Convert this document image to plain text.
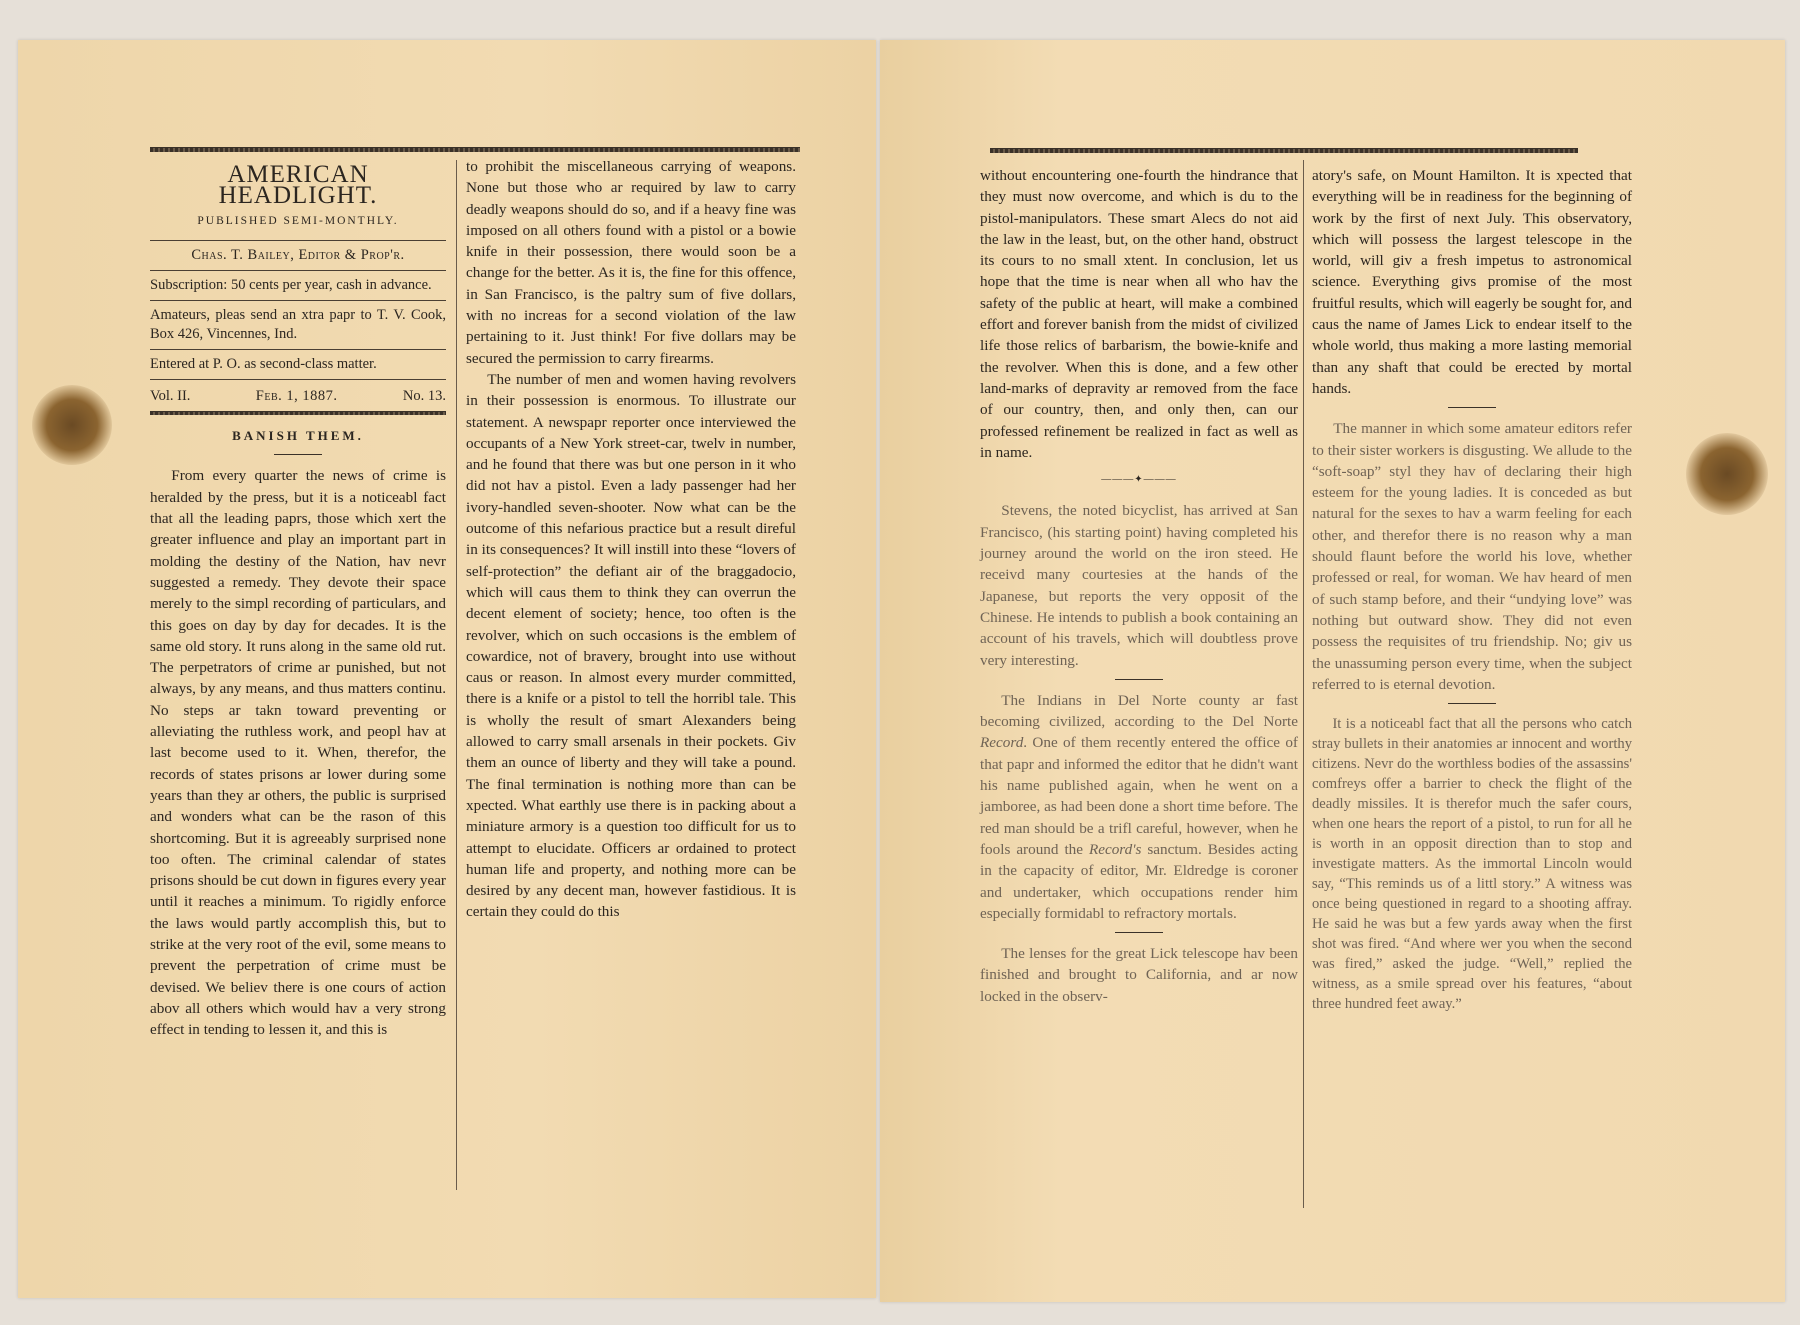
AMERICAN HEADLIGHT.
PUBLISHED SEMI-MONTHLY.
Chas. T. Bailey, Editor & Prop'r.
Subscription: 50 cents per year, cash in advance.
Amateurs, pleas send an xtra papr to T. V. Cook, Box 426, Vincennes, Ind.
Entered at P. O. as second-class matter.
Vol. II.	Feb. 1, 1887.	No. 13.
BANISH THEM.

From every quarter the news of crime is heralded by the press, but it is a noticeabl fact that all the leading paprs, those which xert the greater influence and play an important part in molding the destiny of the Nation, hav nevr suggested a remedy. They devote their space merely to the simpl recording of particulars, and this goes on day by day for decades. It is the same old story. It runs along in the same old rut. The perpetrators of crime ar punished, but not always, by any means, and thus matters continu. No steps ar takn toward preventing or alleviating the ruthless work, and peopl hav at last become used to it. When, therefor, the records of states prisons ar lower during some years than they ar others, the public is surprised and wonders what can be the rason of this shortcoming. But it is agreeably surprised none too often. The criminal calendar of states prisons should be cut down in figures every year until it reaches a minimum. To rigidly enforce the laws would partly accomplish this, but to strike at the very root of the evil, some means to prevent the perpetration of crime must be devised. We believ there is one cours of action abov all others which would hav a very strong effect in tending to lessen it, and this is

to prohibit the miscellaneous carrying of weapons. None but those who ar required by law to carry deadly weapons should do so, and if a heavy fine was imposed on all others found with a pistol or a bowie knife in their possession, there would soon be a change for the better. As it is, the fine for this offence, in San Francisco, is the paltry sum of five dollars, with no increas for a second violation of the law pertaining to it. Just think! For five dollars may be secured the permission to carry firearms.

The number of men and women having revolvers in their possession is enormous. To illustrate our statement. A newspapr reporter once interviewed the occupants of a New York street-car, twelv in number, and he found that there was but one person in it who did not hav a pistol. Even a lady passenger had her ivory-handled seven-shooter. Now what can be the outcome of this nefarious practice but a result direful in its consequences? It will instill into these “lovers of self-protection” the defiant air of the braggadocio, which will caus them to think they can overrun the decent element of society; hence, too often is the revolver, which on such occasions is the emblem of cowardice, not of bravery, brought into use without caus or reason. In almost every murder committed, there is a knife or a pistol to tell the horribl tale. This is wholly the result of smart Alexanders being allowed to carry small arsenals in their pockets. Giv them an ounce of liberty and they will take a pound. The final termination is nothing more than can be xpected. What earthly use there is in packing about a miniature armory is a question too difficult for us to attempt to elucidate. Officers ar ordained to protect human life and property, and nothing more can be desired by any decent man, however fastidious. It is certain they could do this

without encountering one-fourth the hindrance that they must now overcome, and which is du to the pistol-manipulators. These smart Alecs do not aid the law in the least, but, on the other hand, obstruct its cours to no small xtent. In conclusion, let us hope that the time is near when all who hav the safety of the public at heart, will make a combined effort and forever banish from the midst of civilized life those relics of barbarism, the bowie-knife and the revolver. When this is done, and a few other land-marks of depravity ar removed from the face of our country, then, and only then, can our professed refinement be realized in fact as well as in name.

———✦———

Stevens, the noted bicyclist, has arrived at San Francisco, (his starting point) having completed his journey around the world on the iron steed. He receivd many courtesies at the hands of the Japanese, but reports the very opposit of the Chinese. He intends to publish a book containing an account of his travels, which will doubtless prove very interesting.

The Indians in Del Norte county ar fast becoming civilized, according to the Del Norte Record. One of them recently entered the office of that papr and informed the editor that he didn't want his name published again, when he went on a jamboree, as had been done a short time before. The red man should be a trifl careful, however, when he fools around the Record's sanctum. Besides acting in the capacity of editor, Mr. Eldredge is coroner and undertaker, which occupations render him especially formidabl to refractory mortals.

The lenses for the great Lick telescope hav been finished and brought to California, and ar now locked in the observ-

atory's safe, on Mount Hamilton. It is xpected that everything will be in readiness for the beginning of work by the first of next July. This observatory, which will possess the largest telescope in the world, will giv a fresh impetus to astronomical science. Everything givs promise of the most fruitful results, which will eagerly be sought for, and caus the name of James Lick to endear itself to the whole world, thus making a more lasting memorial than any shaft that could be erected by mortal hands.

The manner in which some amateur editors refer to their sister workers is disgusting. We allude to the “soft-soap” styl they hav of declaring their high esteem for the young ladies. It is conceded as but natural for the sexes to hav a warm feeling for each other, and therefor there is no reason why a man should flaunt before the world his love, whether professed or real, for woman. We hav heard of men of such stamp before, and their “undying love” was nothing but outward show. They did not even possess the requisites of tru friendship. No; giv us the unassuming person every time, when the subject referred to is eternal devotion.

It is a noticeabl fact that all the persons who catch stray bullets in their anatomies ar innocent and worthy citizens. Nevr do the worthless bodies of the assassins' comfreys offer a barrier to check the flight of the deadly missiles. It is therefor much the safer cours, when one hears the report of a pistol, to run for all he is worth in an opposit direction than to stop and investigate matters. As the immortal Lincoln would say, “This reminds us of a littl story.” A witness was once being questioned in regard to a shooting affray. He said he was but a few yards away when the first shot was fired. “And where wer you when the second was fired,” asked the judge. “Well,” replied the witness, as a smile spread over his features, “about three hundred feet away.”
